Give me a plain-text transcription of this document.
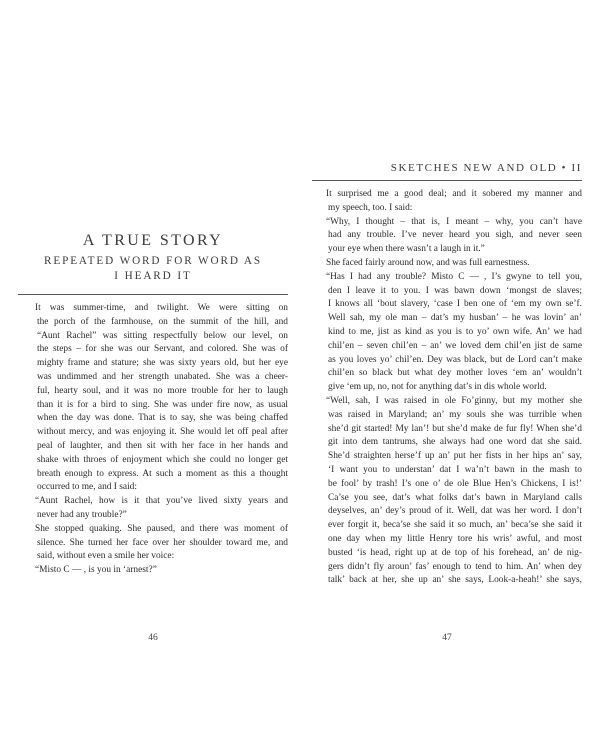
A TRUE STORY
REPEATED WORD FOR WORD AS
I HEARD IT

It was summer-time, and twilight. We were sitting on
the porch of the farmhouse, on the summit of the hill, and
“Aunt Rachel” was sitting respectfully below our level, on
the steps – for she was our Servant, and colored. She was of
mighty frame and stature; she was sixty years old, but her eye
was undimmed and her strength unabated. She was a cheer-
ful, hearty soul, and it was no more trouble for her to laugh
than it is for a bird to sing. She was under fire now, as usual
when the day was done. That is to say, she was being chaffed
without mercy, and was enjoying it. She would let off peal after
peal of laughter, and then sit with her face in her hands and
shake with throes of enjoyment which she could no longer get
breath enough to express. At such a moment as this a thought
occurred to me, and I said:

“Aunt Rachel, how is it that you’ve lived sixty years and
never had any trouble?”

She stopped quaking. She paused, and there was moment of
silence. She turned her face over her shoulder toward me, and
said, without even a smile her voice:

“Misto C — , is you in ‘arnest?”

46
SKETCHES NEW AND OLD • II

It surprised me a good deal; and it sobered my manner and
my speech, too. I said:

“Why, I thought – that is, I meant – why, you can’t have
had any trouble. I’ve never heard you sigh, and never seen
your eye when there wasn’t a laugh in it.”

She faced fairly around now, and was full earnestness.

“Has I had any trouble? Misto C — , I’s gwyne to tell you,
den I leave it to you. I was bawn down ‘mongst de slaves;
I knows all ‘bout slavery, ‘case I ben one of ‘em my own se’f.
Well sah, my ole man – dat’s my husban’ – he was lovin’ an’
kind to me, jist as kind as you is to yo’ own wife. An’ we had
chil’en – seven chil’en – an’ we loved dem chil’en jist de same
as you loves yo’ chil’en. Dey was black, but de Lord can’t make
chil’en so black but what dey mother loves ‘em an’ wouldn’t
give ‘em up, no, not for anything dat’s in dis whole world.

“Well, sah, I was raised in ole Fo’ginny, but my mother she
was raised in Maryland; an’ my souls she was turrible when
she’d git started! My lan’! but she’d make de fur fly! When she’d
git into dem tantrums, she always had one word dat she said.
She’d straighten herse’f up an’ put her fists in her hips an’ say,
‘I want you to understan’ dat I wa’n’t bawn in the mash to
be fool’ by trash! I’s one o’ de ole Blue Hen’s Chickens, I is!’
Ca’se you see, dat’s what folks dat’s bawn in Maryland calls
deyselves, an’ dey’s proud of it. Well, dat was her word. I don’t
ever forgit it, beca’se she said it so much, an’ beca’se she said it
one day when my little Henry tore his wris’ awful, and most
busted ‘is head, right up at de top of his forehead, an’ de nig-
gers didn’t fly aroun’ fas’ enough to tend to him. An’ when dey
talk’ back at her, she up an’ she says, Look-a-heah!’ she says,

47
